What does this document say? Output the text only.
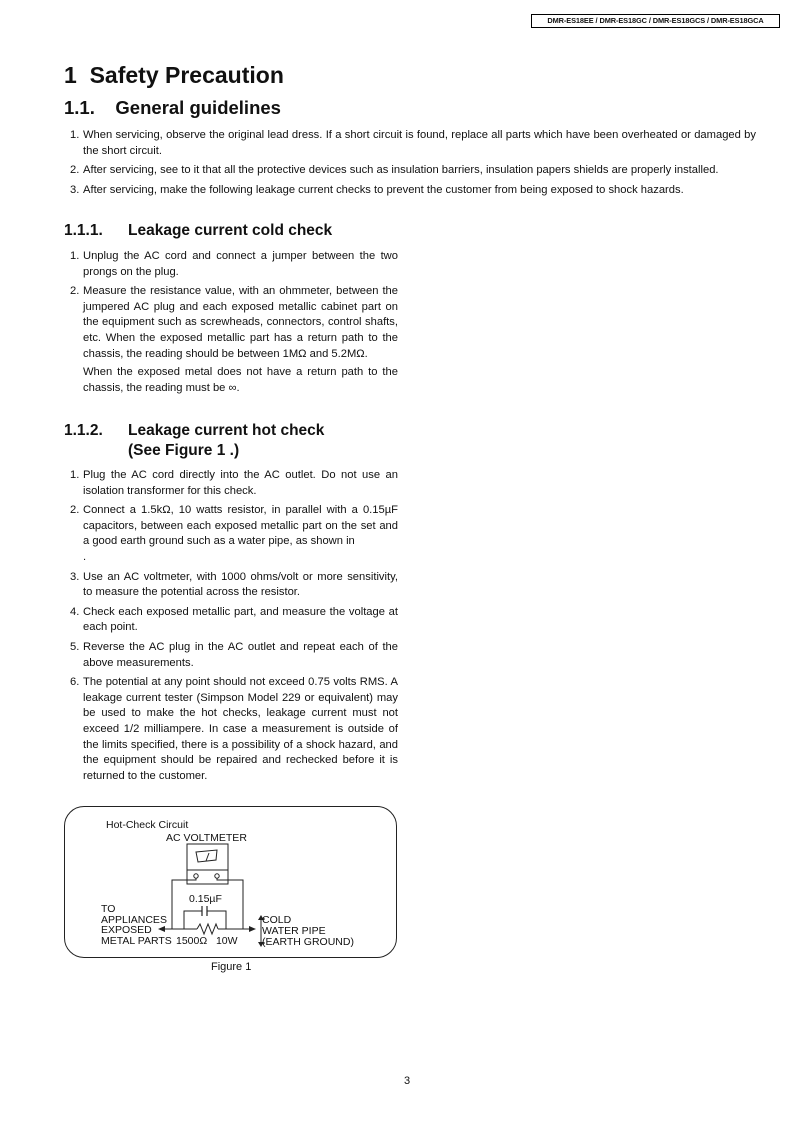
DMR-ES18EE / DMR-ES18GC / DMR-ES18GCS / DMR-ES18GCA
1 Safety Precaution
1.1. General guidelines
1. When servicing, observe the original lead dress. If a short circuit is found, replace all parts which have been overheated or damaged by the short circuit.
2. After servicing, see to it that all the protective devices such as insulation barriers, insulation papers shields are properly installed.
3. After servicing, make the following leakage current checks to prevent the customer from being exposed to shock hazards.
1.1.1. Leakage current cold check
1. Unplug the AC cord and connect a jumper between the two prongs on the plug.
2. Measure the resistance value, with an ohmmeter, between the jumpered AC plug and each exposed metallic cabinet part on the equipment such as screwheads, connectors, control shafts, etc. When the exposed metallic part has a return path to the chassis, the reading should be between 1MΩ and 5.2MΩ.

When the exposed metal does not have a return path to the chassis, the reading must be ∞.

1.1.2. Leakage current hot check
(See Figure 1 .)
1. Plug the AC cord directly into the AC outlet. Do not use an isolation transformer for this check.
2. Connect a 1.5kΩ, 10 watts resistor, in parallel with a 0.15µF capacitors, between each exposed metallic part on the set and a good earth ground such as a water pipe, as shown in
.
3. Use an AC voltmeter, with 1000 ohms/volt or more sensitivity, to measure the potential across the resistor.
4. Check each exposed metallic part, and measure the voltage at each point.
5. Reverse the AC plug in the AC outlet and repeat each of the above measurements.
6. The potential at any point should not exceed 0.75 volts RMS. A leakage current tester (Simpson Model 229 or equivalent) may be used to make the hot checks, leakage current must not exceed 1/2 milliampere. In case a measurement is outside of the limits specified, there is a possibility of a shock hazard, and the equipment should be repaired and rechecked before it is returned to the customer.
Hot-Check Circuit
AC VOLTMETER
0.15µF
TO
APPLIANCES
EXPOSED
METAL PARTS 1500Ω   10W
COLD
WATER PIPE
(EARTH GROUND)
Figure 1
3
